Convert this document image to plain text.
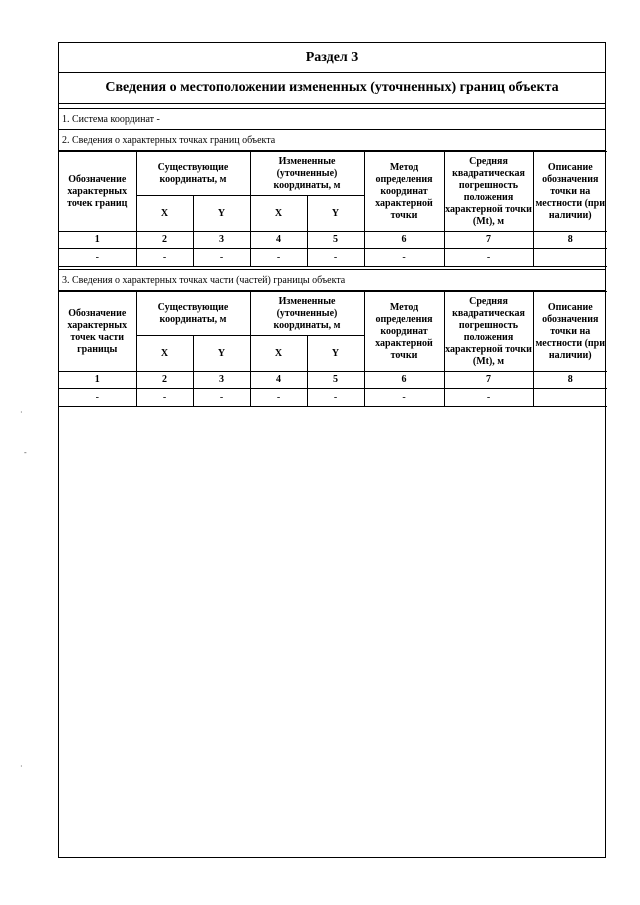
·
-
·
Раздел 3
Сведения о местоположении измененных (уточненных) границ объекта
1. Система координат -
2. Сведения о характерных точках границ объекта
Обозначение характерных точек границ	Существующие координаты, м		Измененные (уточненные) координаты, м		Метод определения координат характерной точки	Средняя квадратическая погрешность положения характерной точки (Mt), м	Описание обозначения точки на местности (при наличии)
	X	Y	X	Y			
1	2	3	4	5	6	7	8
-	-	-	-	-	-	-	
3. Сведения о характерных точках части (частей) границы объекта
Обозначение характерных точек части границы	Существующие координаты, м		Измененные (уточненные) координаты, м		Метод определения координат характерной точки	Средняя квадратическая погрешность положения характерной точки (Mt), м	Описание обозначения точки на местности (при наличии)
	X	Y	X	Y			
1	2	3	4	5	6	7	8
-	-	-	-	-	-	-	
